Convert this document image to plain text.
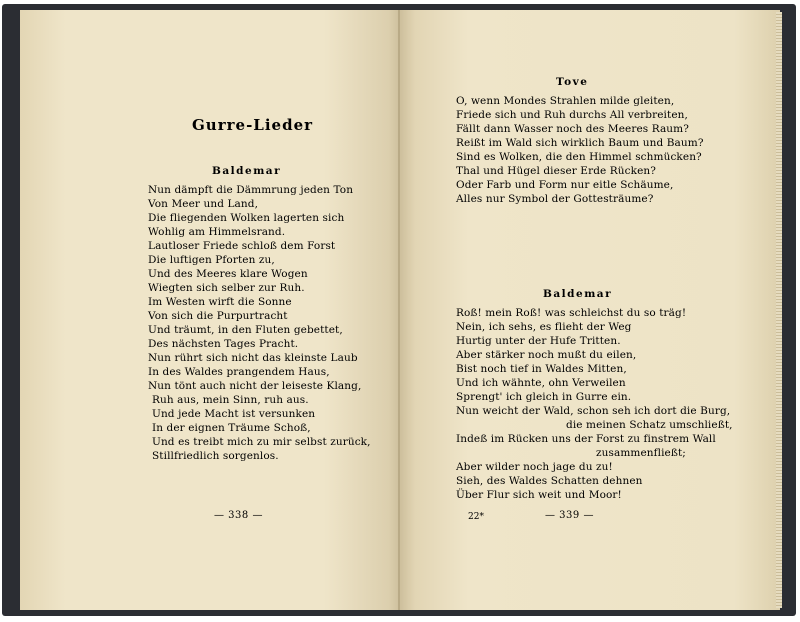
Gurre-Lieder
Baldemar
Nun dämpft die Dämmrung jeden Ton
Von Meer und Land,
Die fliegenden Wolken lagerten sich
Wohlig am Himmelsrand.
Lautloser Friede schloß dem Forst
Die luftigen Pforten zu,
Und des Meeres klare Wogen
Wiegten sich selber zur Ruh.
Im Westen wirft die Sonne
Von sich die Purpurtracht
Und träumt, in den Fluten gebettet,
Des nächsten Tages Pracht.
Nun rührt sich nicht das kleinste Laub
In des Waldes prangendem Haus,
Nun tönt auch nicht der leiseste Klang,
Ruh aus, mein Sinn, ruh aus.
Und jede Macht ist versunken
In der eignen Träume Schoß,
Und es treibt mich zu mir selbst zurück,
Stillfriedlich sorgenlos.
— 338 —
Tove
O, wenn Mondes Strahlen milde gleiten,
Friede sich und Ruh durchs All verbreiten,
Fällt dann Wasser noch des Meeres Raum?
Reißt im Wald sich wirklich Baum und Baum?
Sind es Wolken, die den Himmel schmücken?
Thal und Hügel dieser Erde Rücken?
Oder Farb und Form nur eitle Schäume,
Alles nur Symbol der Gottesträume?
Baldemar
Roß! mein Roß! was schleichst du so träg!
Nein, ich sehs, es flieht der Weg
Hurtig unter der Hufe Tritten.
Aber stärker noch mußt du eilen,
Bist noch tief in Waldes Mitten,
Und ich wähnte, ohn Verweilen
Sprengt' ich gleich in Gurre ein.
Nun weicht der Wald, schon seh ich dort die Burg,
die meinen Schatz umschließt,
Indeß im Rücken uns der Forst zu finstrem Wall
zusammenfließt;
Aber wilder noch jage du zu!
Sieh, des Waldes Schatten dehnen
Über Flur sich weit und Moor!
22*	— 339 —
